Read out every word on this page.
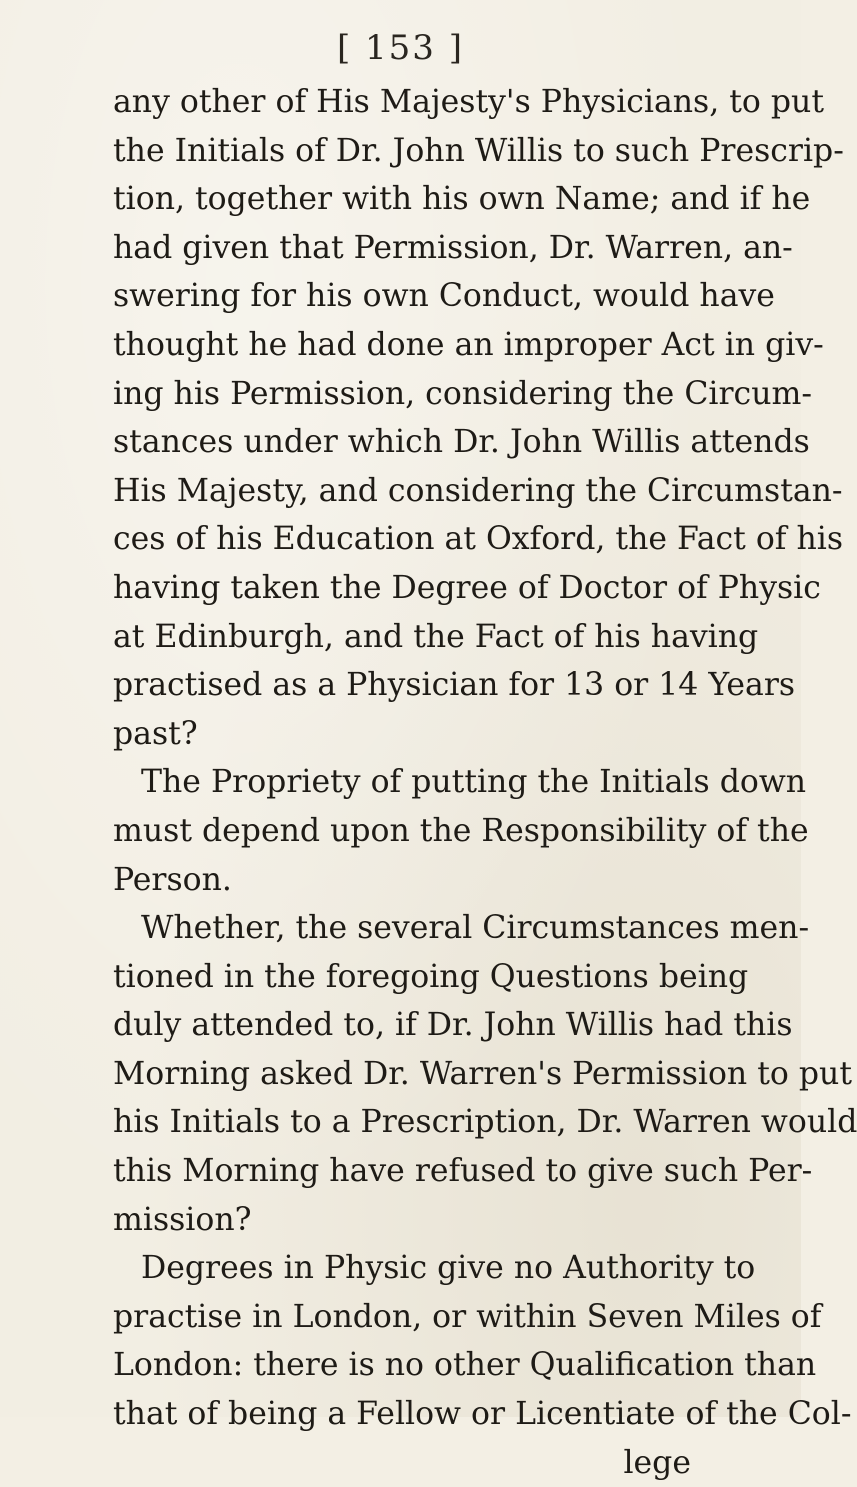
[ 153 ]
any other of His Majesty's Physicians, to put
the Initials of Dr. John Willis to such Prescrip-
tion, together with his own Name; and if he
had given that Permission, Dr. Warren, an-
swering for his own Conduct, would have
thought he had done an improper Act in giv-
ing his Permission, considering the Circum-
stances under which Dr. John Willis attends
His Majesty, and considering the Circumstan-
ces of his Education at Oxford, the Fact of his
having taken the Degree of Doctor of Physic
at Edinburgh, and the Fact of his having
practised as a Physician for 13 or 14 Years
past?
The Propriety of putting the Initials down
must depend upon the Responsibility of the
Person.
Whether, the several Circumstances men-
tioned in the foregoing Questions being
duly attended to, if Dr. John Willis had this
Morning asked Dr. Warren's Permission to put
his Initials to a Prescription, Dr. Warren would
this Morning have refused to give such Per-
mission?
Degrees in Physic give no Authority to
practise in London, or within Seven Miles of
London: there is no other Qualification than
that of being a Fellow or Licentiate of the Col-
lege
